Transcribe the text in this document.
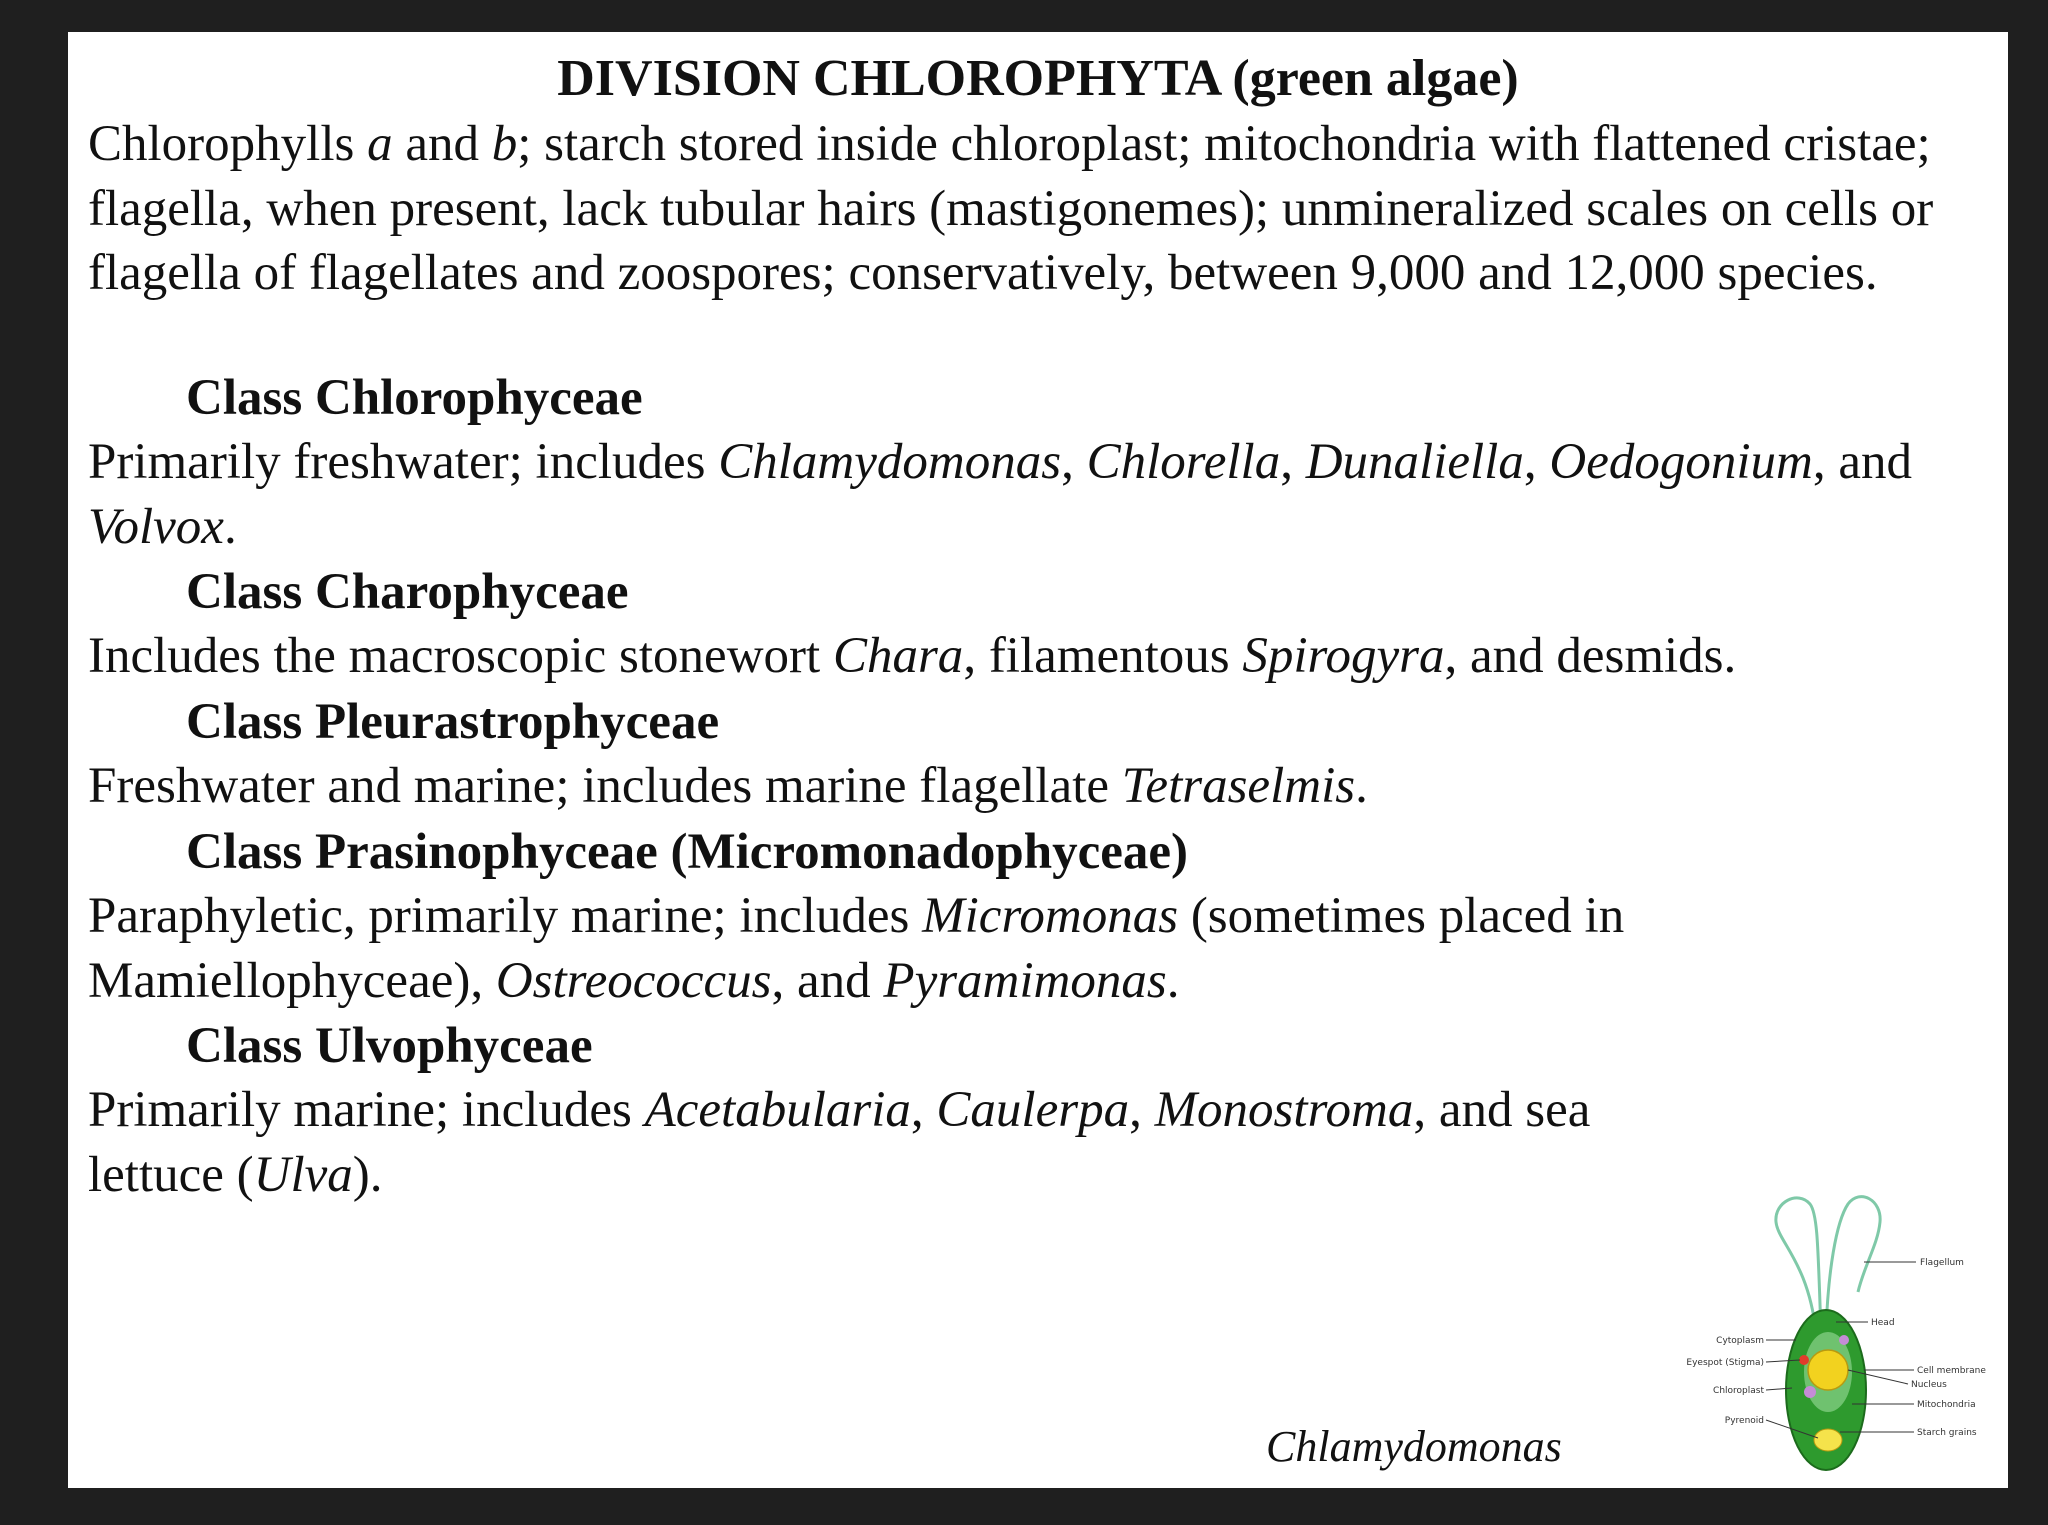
DIVISION CHLOROPHYTA (green algae)

Chlorophylls a and b; starch stored inside chloroplast; mitochondria with flattened cristae; flagella, when present, lack tubular hairs (mastigonemes); unmineralized scales on cells or flagella of flagellates and zoospores; conservatively, between 9,000 and 12,000 species.

Class Chlorophyceae

Primarily freshwater; includes Chlamydomonas, Chlorella, Dunaliella, Oedogonium, and Volvox.

Class Charophyceae

Includes the macroscopic stonewort Chara, filamentous Spirogyra, and desmids.

Class Pleurastrophyceae

Freshwater and marine; includes marine flagellate Tetraselmis.

Class Prasinophyceae (Micromonadophyceae)

Paraphyletic, primarily marine; includes Micromonas (sometimes placed in Mamiellophyceae), Ostreococcus, and Pyramimonas.

Class Ulvophyceae

Primarily marine; includes Acetabularia, Caulerpa, Monostroma, and sea lettuce (Ulva).

Chlamydomonas
Flagellum
Head
Cytoplasm
Eyespot (Stigma)
Chloroplast
Pyrenoid
Cell membrane
Nucleus
Mitochondria
Starch grains
